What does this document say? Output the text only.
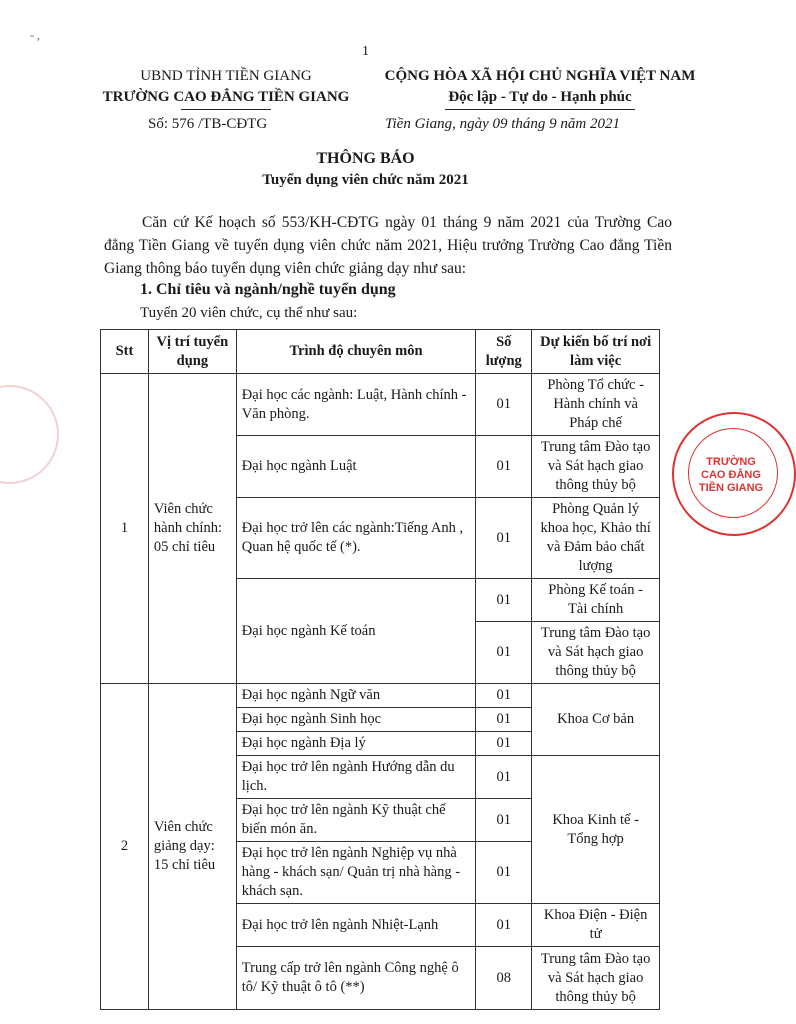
- ,
1
UBND TỈNH TIỀN GIANG
TRƯỜNG CAO ĐẲNG TIỀN GIANG
CỘNG HÒA XÃ HỘI CHỦ NGHĨA VIỆT NAM
Độc lập - Tự do - Hạnh phúc
Số: 576 /TB-CĐTG	Tiền Giang, ngày 09 tháng 9 năm 2021
THÔNG BÁO
Tuyển dụng viên chức năm 2021
Căn cứ Kế hoạch số 553/KH-CĐTG ngày 01 tháng 9 năm 2021 của Trường Cao đẳng Tiền Giang về tuyển dụng viên chức năm 2021, Hiệu trưởng Trường Cao đẳng Tiền Giang thông báo tuyển dụng viên chức giảng dạy như sau:
1. Chỉ tiêu và ngành/nghề tuyển dụng
Tuyển 20 viên chức, cụ thể như sau:
Stt	Vị trí tuyển dụng	Trình độ chuyên môn	Số lượng	Dự kiến bố trí nơi làm việc
1	Viên chức hành chính: 05 chỉ tiêu	Đại học các ngành: Luật, Hành chính - Văn phòng.	01	Phòng Tổ chức - Hành chính và Pháp chế
		Đại học ngành Luật	01	Trung tâm Đào tạo và Sát hạch giao thông thủy bộ
		Đại học trở lên các ngành:Tiếng Anh , Quan hệ quốc tế (*).	01	Phòng Quản lý khoa học, Khảo thí và Đảm bảo chất lượng
		Đại học ngành Kế toán	01	Phòng Kế toán - Tài chính
			01	Trung tâm Đào tạo và Sát hạch giao thông thủy bộ
2	Viên chức giảng dạy: 15 chỉ tiêu	Đại học ngành Ngữ văn	01	Khoa Cơ bản
		Đại học ngành Sinh học	01	
		Đại học ngành Địa lý	01	
		Đại học trở lên ngành Hướng dẫn du lịch.	01	Khoa Kinh tế - Tổng hợp
		Đại học trở lên ngành Kỹ thuật chế biến món ăn.	01	
		Đại học trở lên ngành Nghiệp vụ nhà hàng - khách sạn/ Quản trị nhà hàng - khách sạn.	01	
		Đại học trở lên ngành Nhiệt-Lạnh	01	Khoa Điện - Điện tử
		Trung cấp trở lên ngành Công nghệ ô tô/ Kỹ thuật ô tô (**)	08	Trung tâm Đào tạo và Sát hạch giao thông thủy bộ
TRƯỜNG CAO ĐẲNG TIỀN GIANG
